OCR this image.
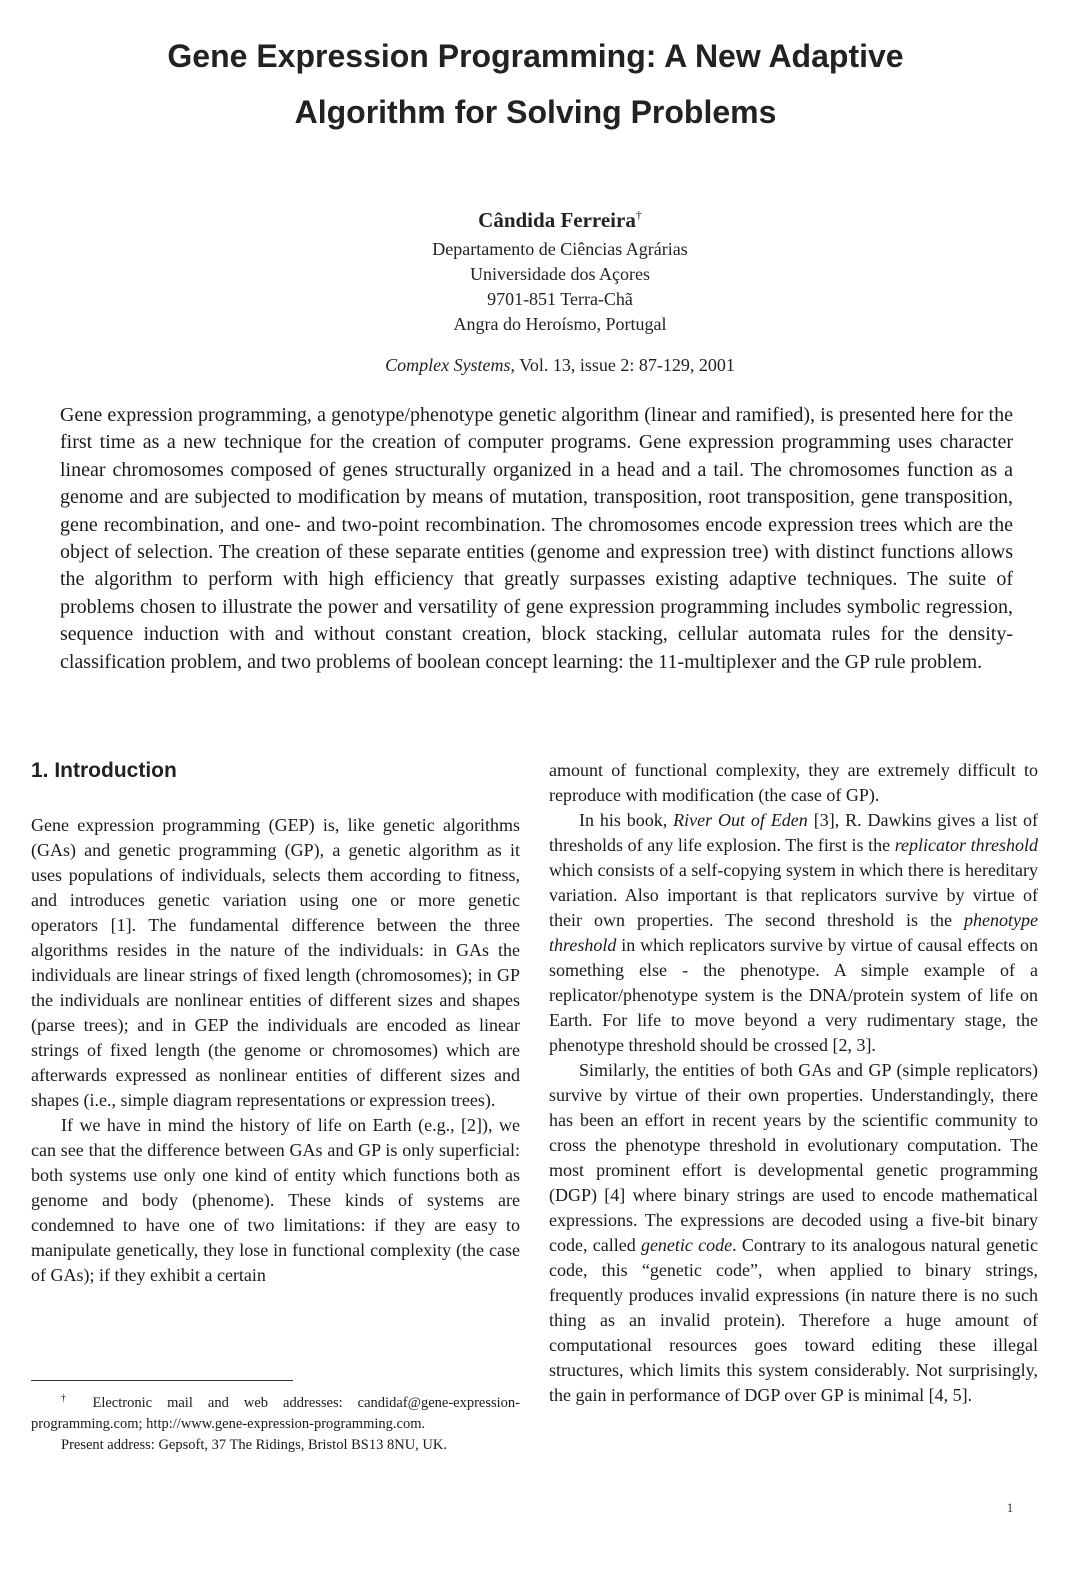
Gene Expression Programming: A New Adaptive
Algorithm for Solving Problems
Cândida Ferreira†
Departamento de Ciências Agrárias
Universidade dos Açores
9701-851 Terra-Chã
Angra do Heroísmo, Portugal
Complex Systems, Vol. 13, issue 2: 87-129, 2001

Gene expression programming, a genotype/phenotype genetic algorithm (linear and ramified), is presented here for the first time as a new technique for the creation of computer programs. Gene expression programming uses character linear chromosomes composed of genes structurally organized in a head and a tail. The chromosomes function as a genome and are subjected to modification by means of mutation, transposition, root transposition, gene transposition, gene recombination, and one- and two-point recombination. The chromosomes encode expression trees which are the object of selection. The creation of these separate entities (genome and expression tree) with distinct functions allows the algorithm to perform with high efficiency that greatly surpasses existing adaptive techniques. The suite of problems chosen to illustrate the power and versatility of gene expression programming includes symbolic regression, sequence induction with and without constant creation, block stacking, cellular automata rules for the density-classification problem, and two problems of boolean concept learning: the 11-multiplexer and the GP rule problem.

1. Introduction

Gene expression programming (GEP) is, like genetic algorithms (GAs) and genetic programming (GP), a genetic algorithm as it uses populations of individuals, selects them according to fitness, and introduces genetic variation using one or more genetic operators [1]. The fundamental difference between the three algorithms resides in the nature of the individuals: in GAs the individuals are linear strings of fixed length (chromosomes); in GP the individuals are nonlinear entities of different sizes and shapes (parse trees); and in GEP the individuals are encoded as linear strings of fixed length (the genome or chromosomes) which are afterwards expressed as nonlinear entities of different sizes and shapes (i.e., simple diagram representations or expression trees).

If we have in mind the history of life on Earth (e.g., [2]), we can see that the difference between GAs and GP is only superficial: both systems use only one kind of entity which functions both as genome and body (phenome). These kinds of systems are condemned to have one of two limitations: if they are easy to manipulate genetically, they lose in functional complexity (the case of GAs); if they exhibit a certain

amount of functional complexity, they are extremely difficult to reproduce with modification (the case of GP).

In his book, River Out of Eden [3], R. Dawkins gives a list of thresholds of any life explosion. The first is the replicator threshold which consists of a self-copying system in which there is hereditary variation. Also important is that replicators survive by virtue of their own properties. The second threshold is the phenotype threshold in which replicators survive by virtue of causal effects on something else - the phenotype. A simple example of a replicator/phenotype system is the DNA/protein system of life on Earth. For life to move beyond a very rudimentary stage, the phenotype threshold should be crossed [2, 3].

Similarly, the entities of both GAs and GP (simple replicators) survive by virtue of their own properties. Understandingly, there has been an effort in recent years by the scientific community to cross the phenotype threshold in evolutionary computation. The most prominent effort is developmental genetic programming (DGP) [4] where binary strings are used to encode mathematical expressions. The expressions are decoded using a five-bit binary code, called genetic code. Contrary to its analogous natural genetic code, this “genetic code”, when applied to binary strings, frequently produces invalid expressions (in nature there is no such thing as an invalid protein). Therefore a huge amount of computational resources goes toward editing these illegal structures, which limits this system considerably. Not surprisingly, the gain in performance of DGP over GP is minimal [4, 5].

† Electronic mail and web addresses: candidaf@gene-expression-programming.com; http://www.gene-expression-programming.com.

Present address: Gepsoft, 37 The Ridings, Bristol BS13 8NU, UK.

1
